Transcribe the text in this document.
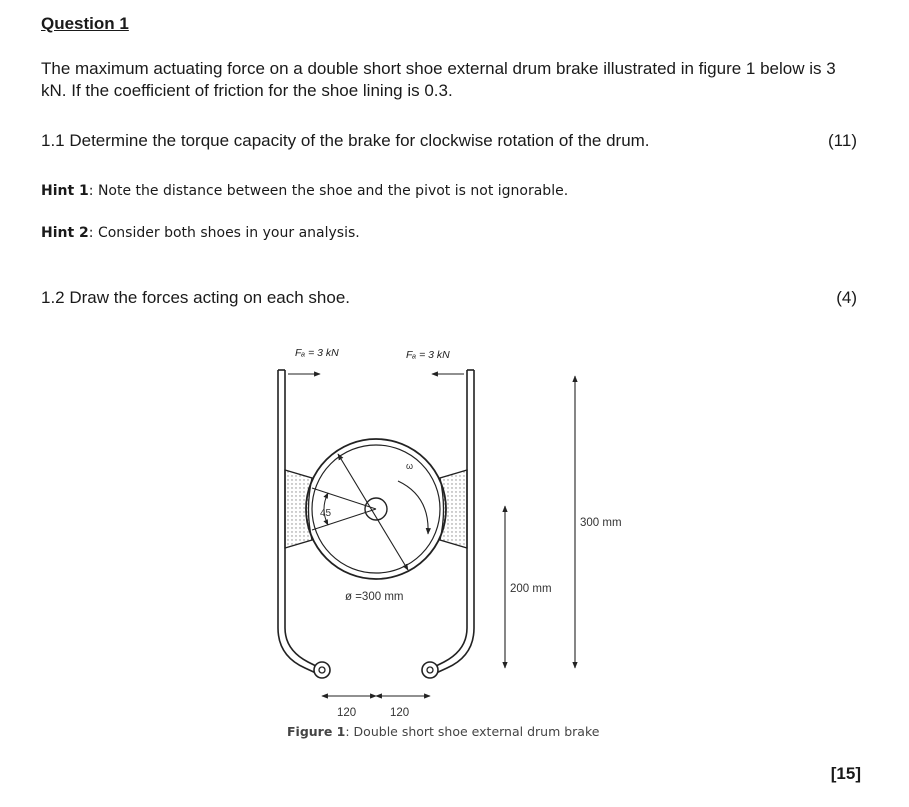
Question 1
The maximum actuating force on a double short shoe external drum brake illustrated in figure 1 below is 3 kN. If the coefficient of friction for the shoe lining is 0.3.
1.1 Determine the torque capacity of the brake for clockwise rotation of the drum.	(11)
Hint 1: Note the distance between the shoe and the pivot is not ignorable.
Hint 2: Consider both shoes in your analysis.
1.2 Draw the forces acting on each shoe.	(4)
45
ω
ø =300 mm
Fₐ = 3 kN	Fₐ = 3 kN
300 mm
200 mm
120	120
Figure 1: Double short shoe external drum brake
[15]
